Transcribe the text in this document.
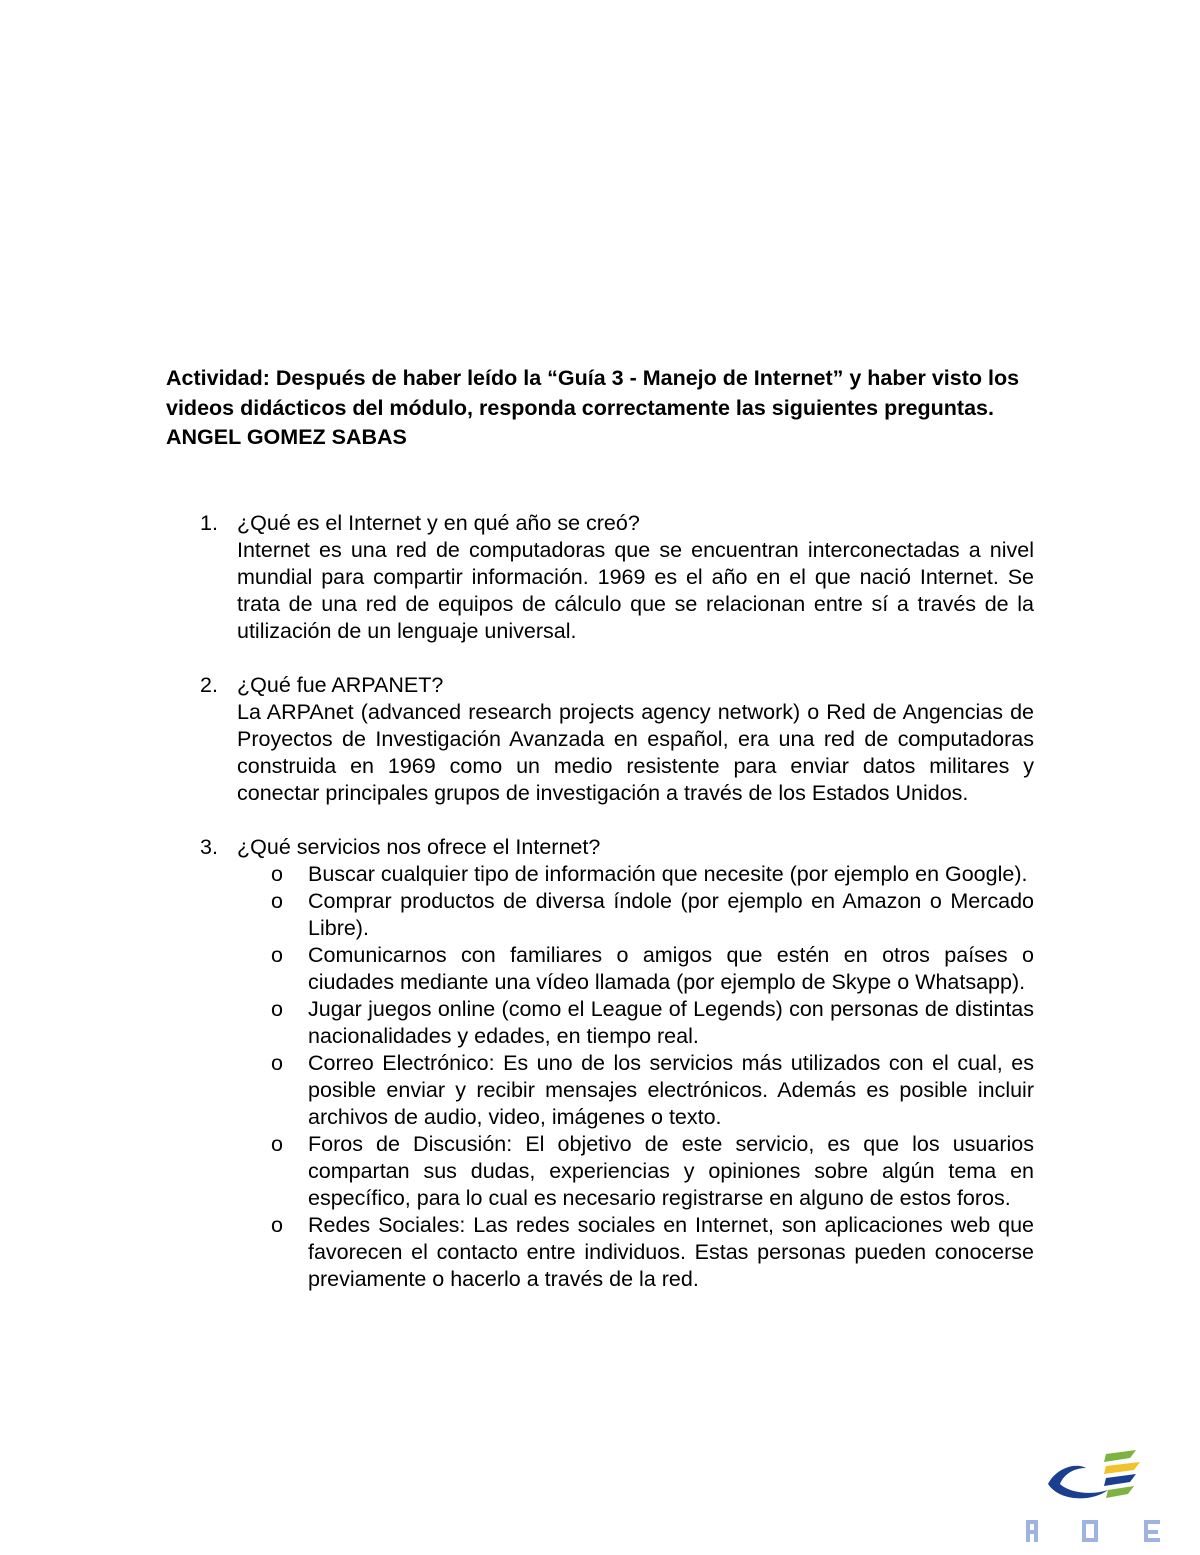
Actividad: Después de haber leído la “Guía 3 - Manejo de Internet” y haber visto los videos didácticos del módulo, responda correctamente las siguientes preguntas.

ANGEL GOMEZ SABAS

1. ¿Qué es el Internet y en qué año se creó?
Internet es una red de computadoras que se encuentran interconectadas a nivel mundial para compartir información. 1969 es el año en el que nació Internet. Se trata de una red de equipos de cálculo que se relacionan entre sí a través de la utilización de un lenguaje universal.
2. ¿Qué fue ARPANET?
La ARPAnet (advanced research projects agency network) o Red de Angencias de Proyectos de Investigación Avanzada en español, era una red de computadoras construida en 1969 como un medio resistente para enviar datos militares y conectar principales grupos de investigación a través de los Estados Unidos.
3. ¿Qué servicios nos ofrece el Internet?
o Buscar cualquier tipo de información que necesite (por ejemplo en Google).
o Comprar productos de diversa índole (por ejemplo en Amazon o Mercado Libre).
o Comunicarnos con familiares o amigos que estén en otros países o ciudades mediante una vídeo llamada (por ejemplo de Skype o Whatsapp).
o Jugar juegos online (como el League of Legends) con personas de distintas nacionalidades y edades, en tiempo real.
o Correo Electrónico: Es uno de los servicios más utilizados con el cual, es posible enviar y recibir mensajes electrónicos. Además es posible incluir archivos de audio, video, imágenes o texto.
o Foros de Discusión: El objetivo de este servicio, es que los usuarios compartan sus dudas, experiencias y opiniones sobre algún tema en específico, para lo cual es necesario registrarse en alguno de estos foros.
o Redes Sociales: Las redes sociales en Internet, son aplicaciones web que favorecen el contacto entre individuos. Estas personas pueden conocerse previamente o hacerlo a través de la red.
